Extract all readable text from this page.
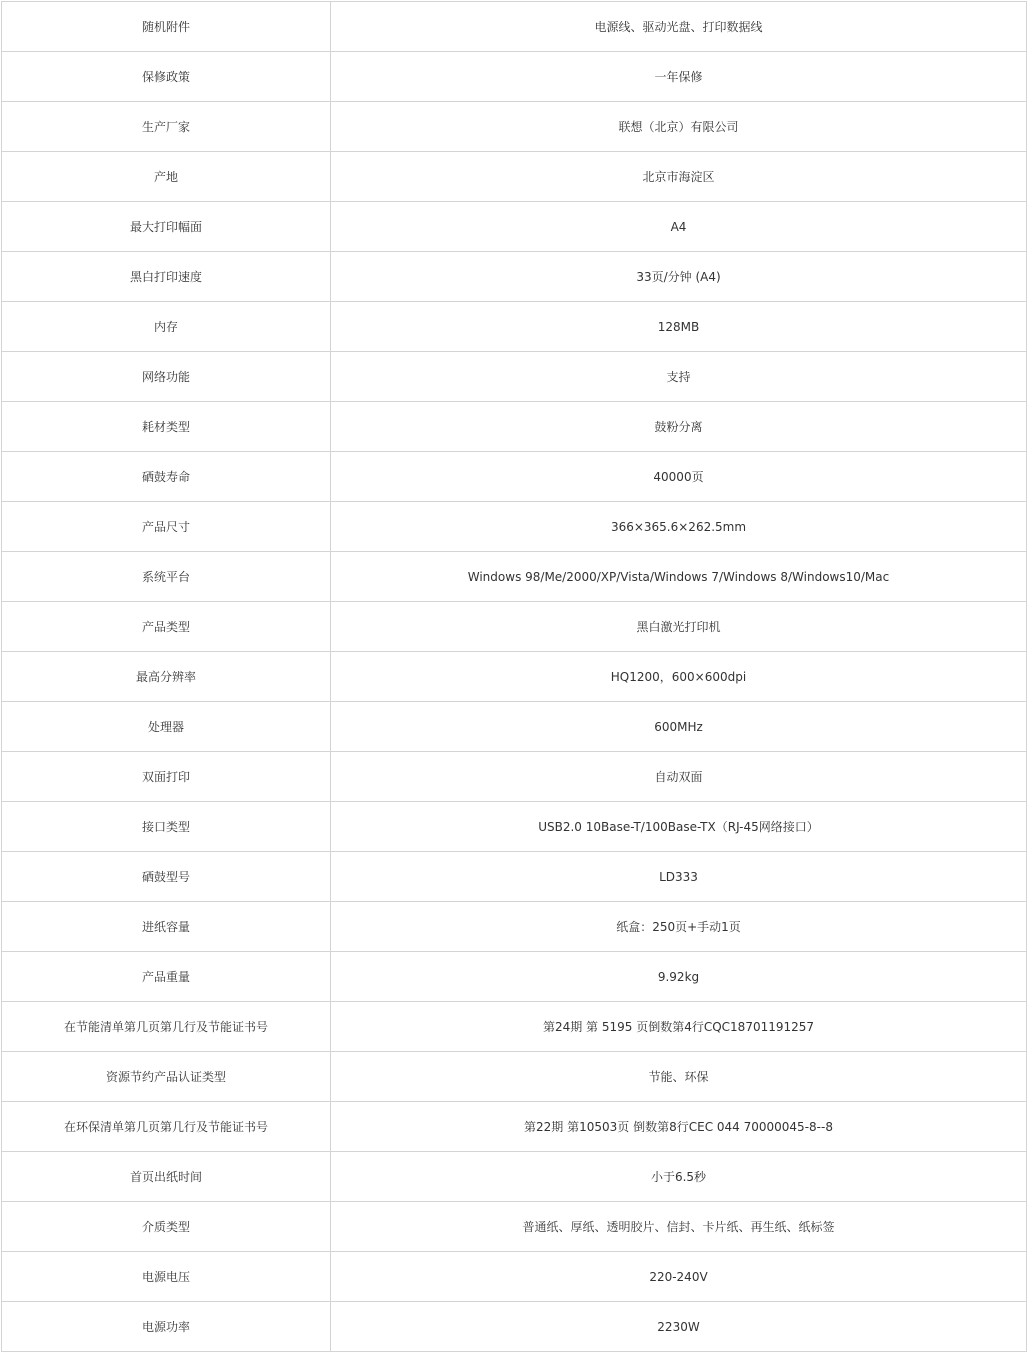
随机附件	电源线、驱动光盘、打印数据线
保修政策	一年保修
生产厂家	联想（北京）有限公司
产地	北京市海淀区
最大打印幅面	A4
黑白打印速度	33页/分钟 (A4)
内存	128MB
网络功能	支持
耗材类型	鼓粉分离
硒鼓寿命	40000页
产品尺寸	366×365.6×262.5mm
系统平台	Windows 98/Me/2000/XP/Vista/Windows 7/Windows 8/Windows10/Mac
产品类型	黑白激光打印机
最高分辨率	HQ1200，600×600dpi
处理器	600MHz
双面打印	自动双面
接口类型	USB2.0 10Base-T/100Base-TX（RJ-45网络接口）
硒鼓型号	LD333
进纸容量	纸盒：250页+手动1页
产品重量	9.92kg
在节能清单第几页第几行及节能证书号	第24期 第 5195 页倒数第4行CQC18701191257
资源节约产品认证类型	节能、环保
在环保清单第几页第几行及节能证书号	第22期 第10503页 倒数第8行CEC 044 70000045-8--8
首页出纸时间	小于6.5秒
介质类型	普通纸、厚纸、透明胶片、信封、卡片纸、再生纸、纸标签
电源电压	220-240V
电源功率	2230W
